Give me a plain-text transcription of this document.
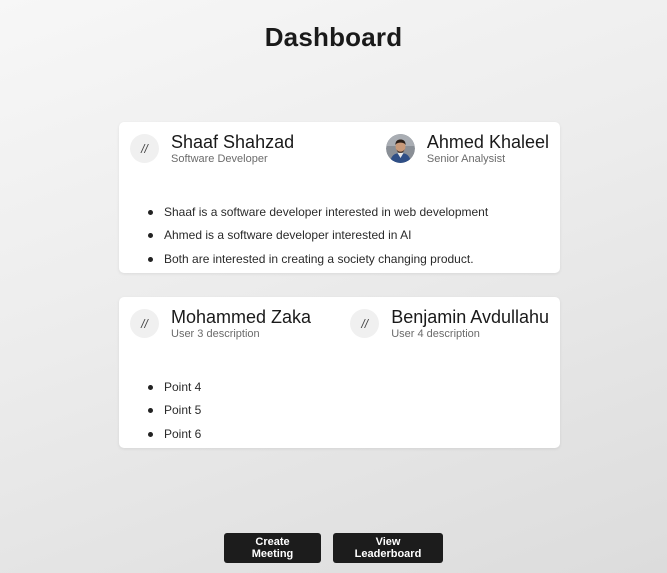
Dashboard
//	Shaaf Shahzad
Software Developer
Ahmed Khaleel
Senior Analysist
Shaaf is a software developer interested in web development
Ahmed is a software developer interested in AI
Both are interested in creating a society changing product.
//	Mohammed Zaka
User 3 description
//	Benjamin Avdullahu
User 4 description
Point 4
Point 5
Point 6
Create Meeting
View Leaderboard
